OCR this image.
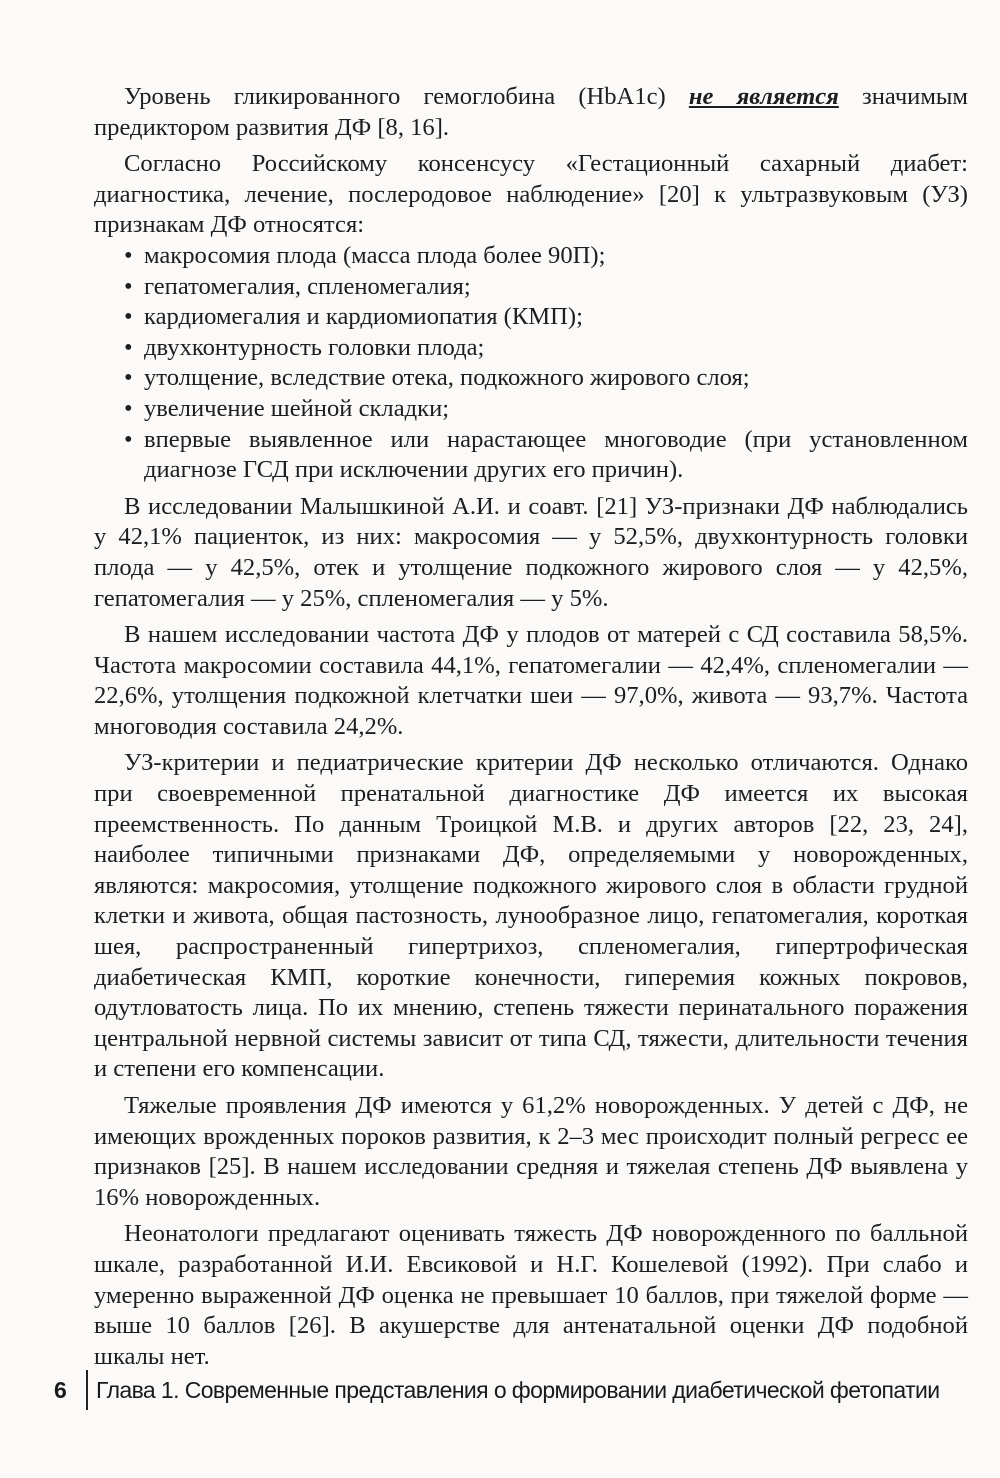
Уровень гликированного гемоглобина (HbA1c) не является значимым предиктором развития ДФ [8, 16].

Согласно Российскому консенсусу «Гестационный сахарный диабет: диагностика, лечение, послеродовое наблюдение» [20] к ультразвуковым (УЗ) признакам ДФ относятся:

• макросомия плода (масса плода более 90П);
• гепатомегалия, спленомегалия;
• кардиомегалия и кардиомиопатия (КМП);
• двухконтурность головки плода;
• утолщение, вследствие отека, подкожного жирового слоя;
• увеличение шейной складки;
• впервые выявленное или нарастающее многоводие (при установленном диагнозе ГСД при исключении других его причин).

В исследовании Малышкиной А.И. и соавт. [21] УЗ-признаки ДФ наблюдались у 42,1% пациенток, из них: макросомия — у 52,5%, двухконтурность головки плода — у 42,5%, отек и утолщение подкожного жирового слоя — у 42,5%, гепатомегалия — у 25%, спленомегалия — у 5%.

В нашем исследовании частота ДФ у плодов от матерей с СД составила 58,5%. Частота макросомии составила 44,1%, гепатомегалии — 42,4%, спленомегалии — 22,6%, утолщения подкожной клетчатки шеи — 97,0%, живота — 93,7%. Частота многоводия составила 24,2%.

УЗ-критерии и педиатрические критерии ДФ несколько отличаются. Однако при своевременной пренатальной диагностике ДФ имеется их высокая преемственность. По данным Троицкой М.В. и других авторов [22, 23, 24], наиболее типичными признаками ДФ, определяемыми у новорожденных, являются: макросомия, утолщение подкожного жирового слоя в области грудной клетки и живота, общая пастозность, лунообразное лицо, гепатомегалия, короткая шея, распространенный гипертрихоз, спленомегалия, гипертрофическая диабетическая КМП, короткие конечности, гиперемия кожных покровов, одутловатость лица. По их мнению, степень тяжести перинатального поражения центральной нервной системы зависит от типа СД, тяжести, длительности течения и степени его компенсации.

Тяжелые проявления ДФ имеются у 61,2% новорожденных. У детей с ДФ, не имеющих врожденных пороков развития, к 2–3 мес происходит полный регресс ее признаков [25]. В нашем исследовании средняя и тяжелая степень ДФ выявлена у 16% новорожденных.

Неонатологи предлагают оценивать тяжесть ДФ новорожденного по балльной шкале, разработанной И.И. Евсиковой и Н.Г. Кошелевой (1992). При слабо и умеренно выраженной ДФ оценка не превышает 10 баллов, при тяжелой форме — выше 10 баллов [26]. В акушерстве для антенатальной оценки ДФ подобной шкалы нет.

6 Глава 1. Современные представления о формировании диабетической фетопатии
